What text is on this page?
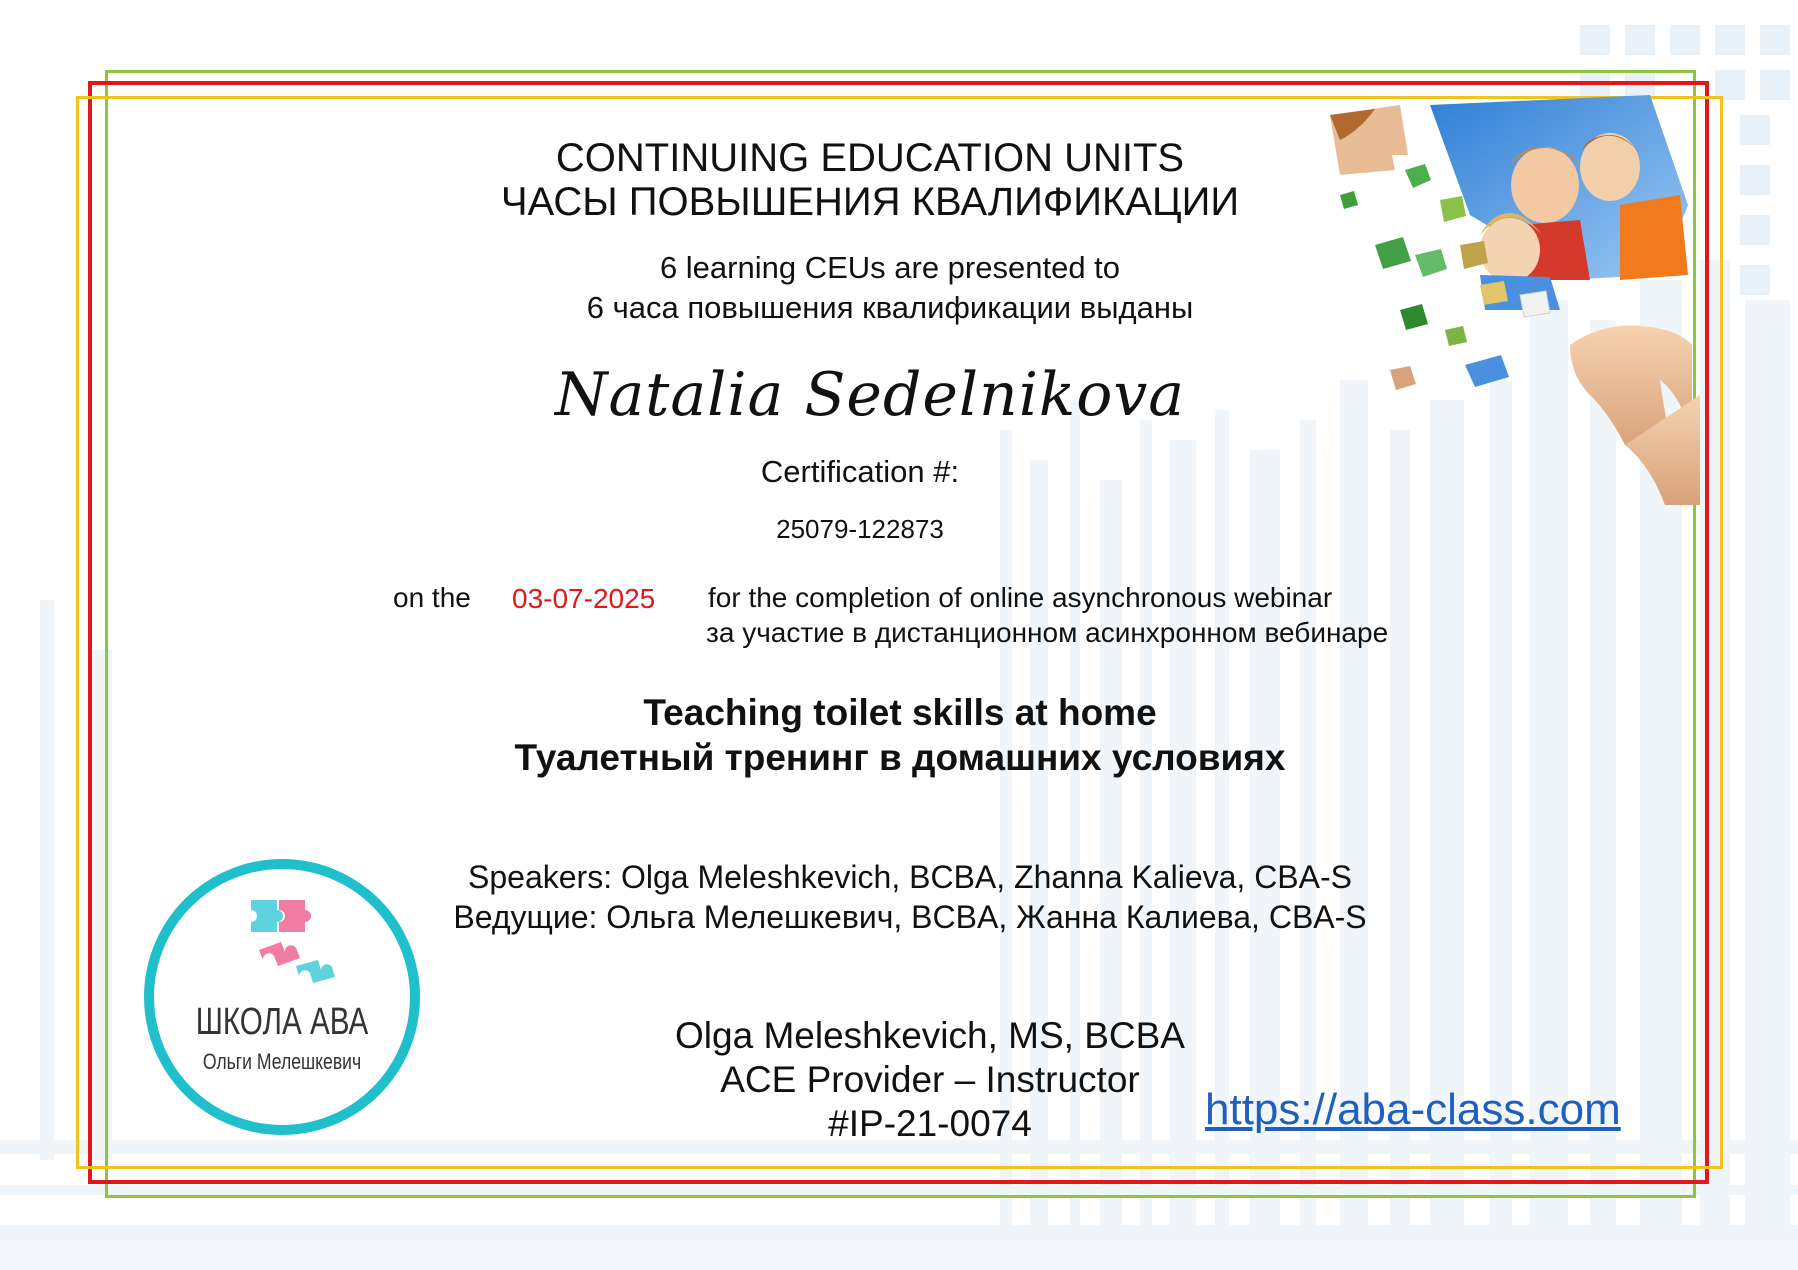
CONTINUING EDUCATION UNITS
ЧАСЫ ПОВЫШЕНИЯ КВАЛИФИКАЦИИ
6 learning CEUs are presented to
6 часа повышения квалификации выданы
Natalia Sedelnikova
Certification #:
25079-122873
on the 03-07-2025 for the completion of online asynchronous webinar
за участие в дистанционном асинхронном вебинаре
Teaching toilet skills at home
Туалетный тренинг в домашних условиях
Speakers: Olga Meleshkevich, BCBA, Zhanna Kalieva, CBA-S
Ведущие: Ольга Мелешкевич, BCBA, Жанна Калиева, CBA-S
Olga Meleshkevich, MS, BCBA
ACE Provider – Instructor
#IP-21-0074	https://aba-class.com
ШКОЛА АВА
Ольги Мелешкевич
